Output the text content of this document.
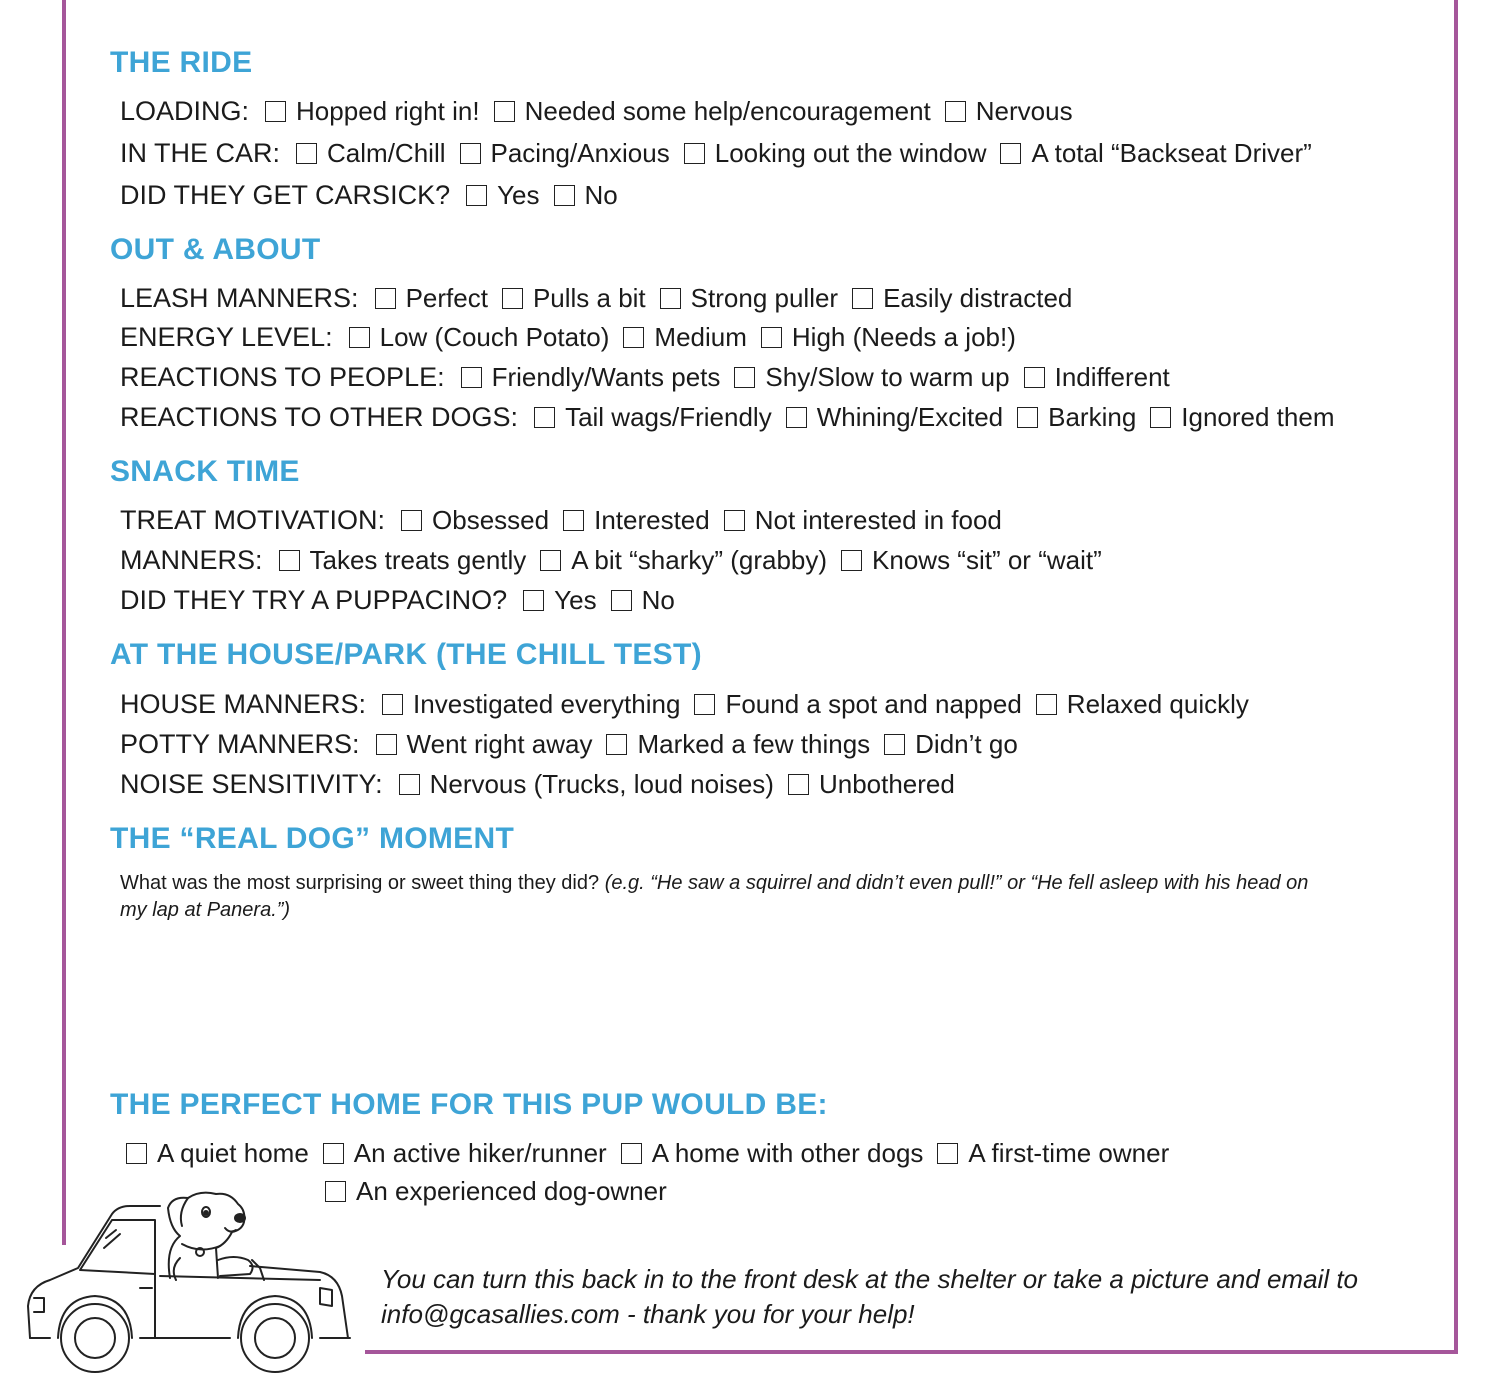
THE RIDE
LOADING: Hopped right in! Needed some help/encouragement Nervous
IN THE CAR: Calm/Chill Pacing/Anxious Looking out the window A total “Backseat Driver”
DID THEY GET CARSICK? Yes No
OUT & ABOUT
LEASH MANNERS: Perfect Pulls a bit Strong puller Easily distracted
ENERGY LEVEL: Low (Couch Potato) Medium High (Needs a job!)
REACTIONS TO PEOPLE: Friendly/Wants pets Shy/Slow to warm up Indifferent
REACTIONS TO OTHER DOGS: Tail wags/Friendly Whining/Excited Barking Ignored them
SNACK TIME
TREAT MOTIVATION: Obsessed Interested Not interested in food
MANNERS: Takes treats gently A bit “sharky” (grabby) Knows “sit” or “wait”
DID THEY TRY A PUPPACINO? Yes No
AT THE HOUSE/PARK (THE CHILL TEST)
HOUSE MANNERS: Investigated everything Found a spot and napped Relaxed quickly
POTTY MANNERS: Went right away Marked a few things Didn’t go
NOISE SENSITIVITY: Nervous (Trucks, loud noises) Unbothered
THE “REAL DOG” MOMENT
What was the most surprising or sweet thing they did? (e.g. “He saw a squirrel and didn’t even pull!” or “He fell asleep with his head on my lap at Panera.”)
THE PERFECT HOME FOR THIS PUP WOULD BE:
A quiet home An active hiker/runner A home with other dogs A first-time owner
An experienced dog-owner
You can turn this back in to the front desk at the shelter or take a picture and email to
info@gcasallies.com - thank you for your help!
